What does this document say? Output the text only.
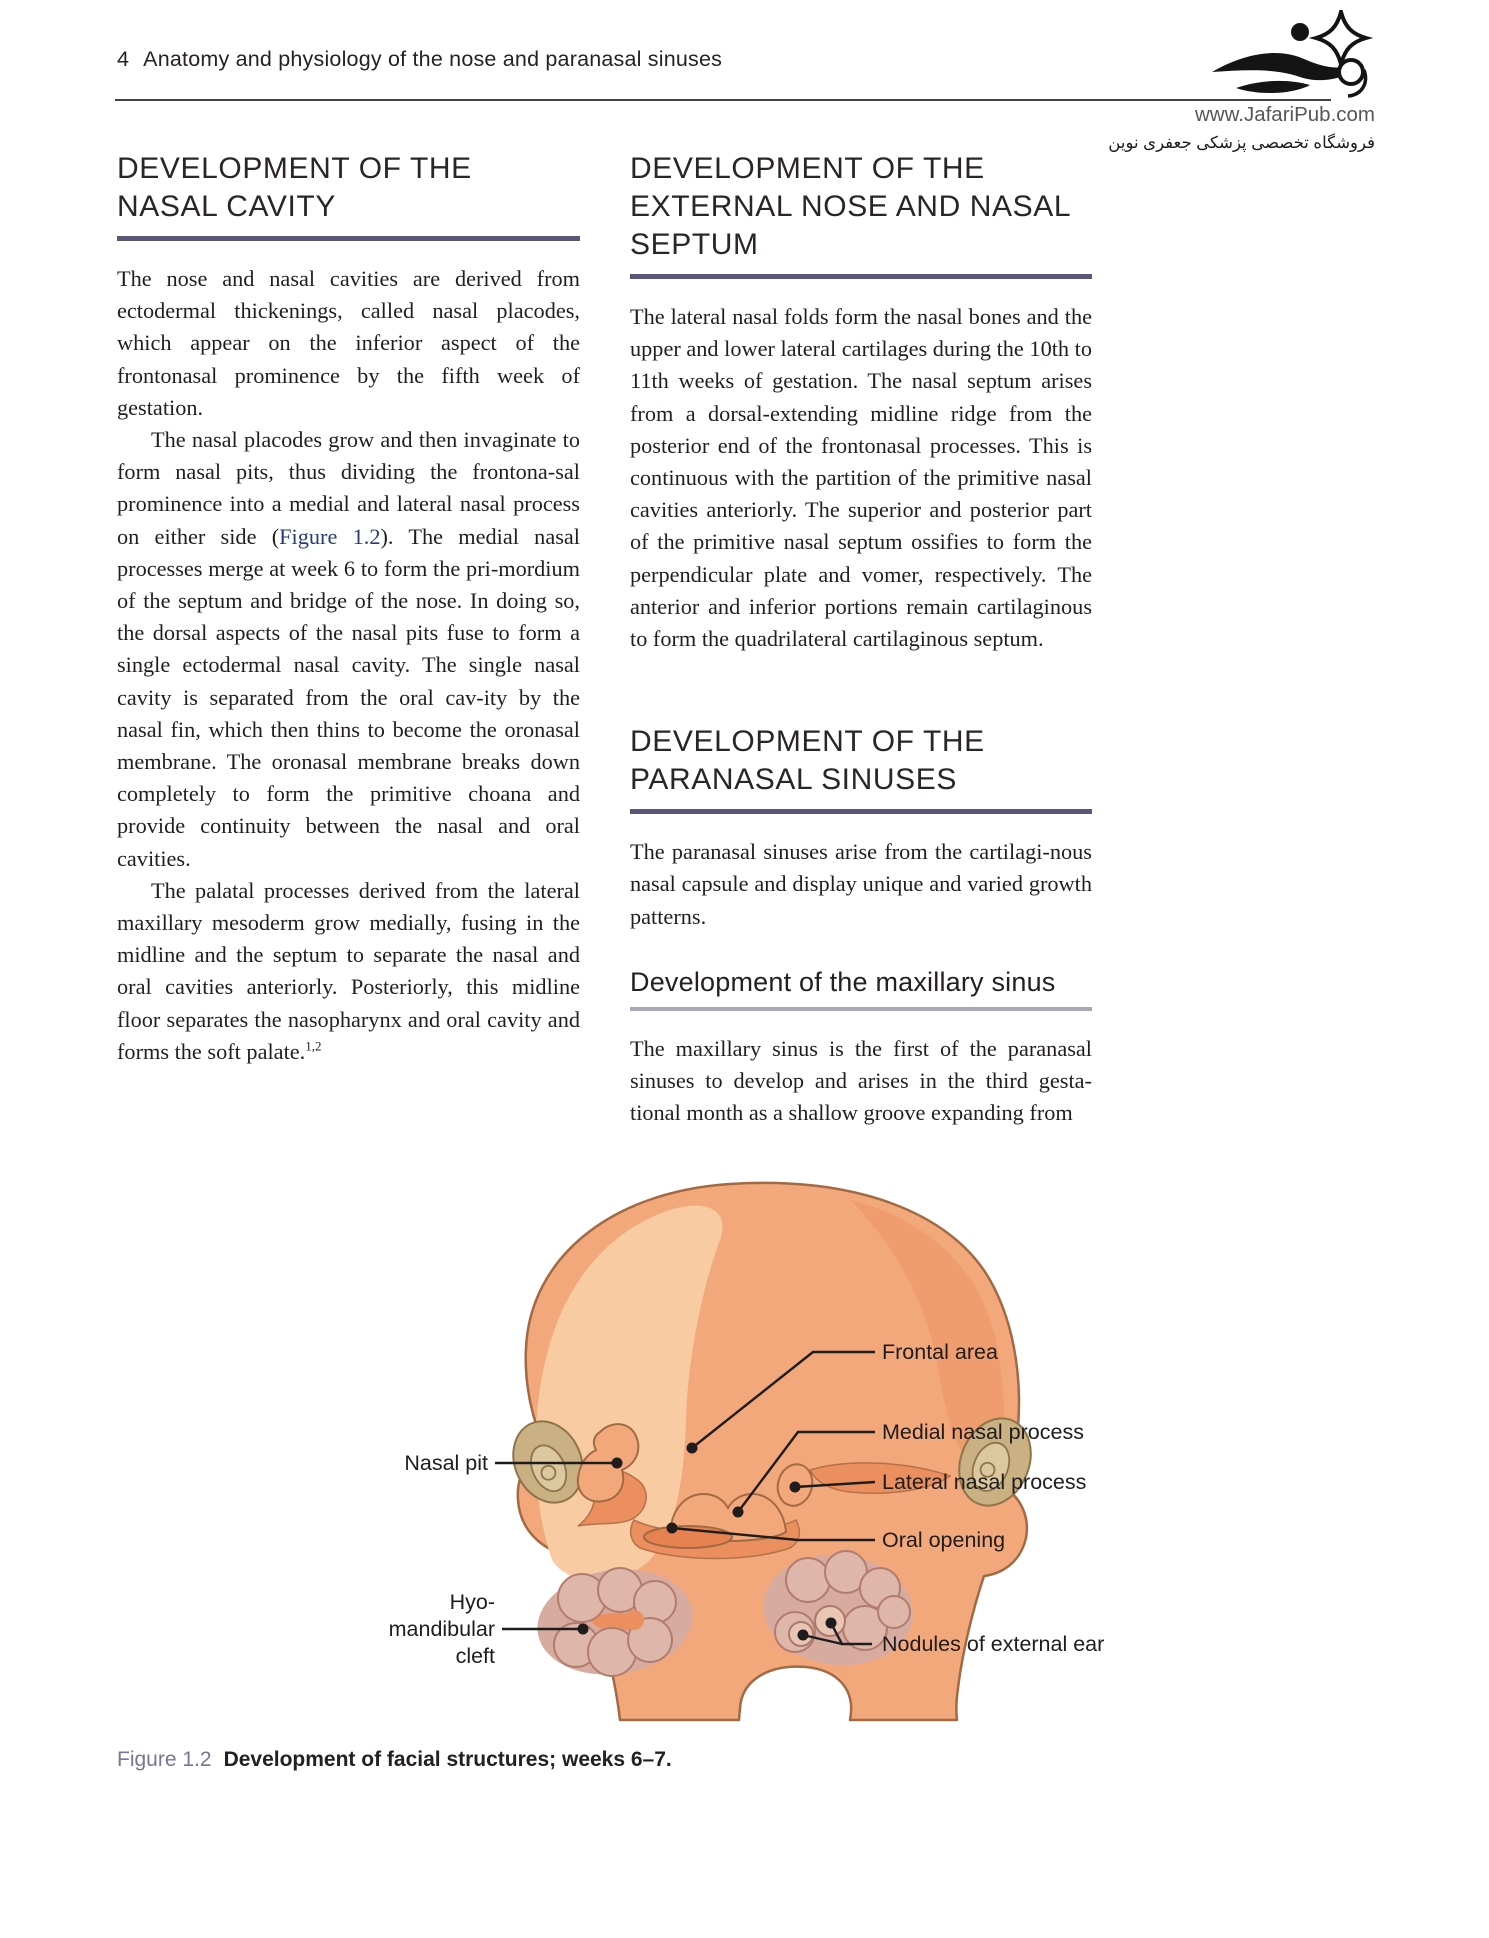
4 Anatomy and physiology of the nose and paranasal sinuses
www.JafariPub.com
فروشگاه تخصصی پزشکی جعفری نوین
DEVELOPMENT OF THE NASAL CAVITY

The nose and nasal cavities are derived from ectodermal thickenings, called nasal placodes, which appear on the inferior aspect of the frontonasal prominence by the fifth week of gestation.

The nasal placodes grow and then invaginate to form nasal pits, thus dividing the frontona-sal prominence into a medial and lateral nasal process on either side (Figure 1.2). The medial nasal processes merge at week 6 to form the pri-mordium of the septum and bridge of the nose. In doing so, the dorsal aspects of the nasal pits fuse to form a single ectodermal nasal cavity. The single nasal cavity is separated from the oral cav-ity by the nasal fin, which then thins to become the oronasal membrane. The oronasal membrane breaks down completely to form the primitive choana and provide continuity between the nasal and oral cavities.

The palatal processes derived from the lateral maxillary mesoderm grow medially, fusing in the midline and the septum to separate the nasal and oral cavities anteriorly. Posteriorly, this midline floor separates the nasopharynx and oral cavity and forms the soft palate.$^{1,2}$

DEVELOPMENT OF THE EXTERNAL NOSE AND NASAL SEPTUM

The lateral nasal folds form the nasal bones and the upper and lower lateral cartilages during the 10th to 11th weeks of gestation. The nasal septum arises from a dorsal-extending midline ridge from the posterior end of the frontonasal processes. This is continuous with the partition of the primitive nasal cavities anteriorly. The superior and posterior part of the primitive nasal septum ossifies to form the perpendicular plate and vomer, respectively. The anterior and inferior portions remain cartilaginous to form the quadrilateral cartilaginous septum.

DEVELOPMENT OF THE PARANASAL SINUSES

The paranasal sinuses arise from the cartilagi-nous nasal capsule and display unique and varied growth patterns.

Development of the maxillary sinus

The maxillary sinus is the first of the paranasal sinuses to develop and arises in the third gesta-tional month as a shallow groove expanding from

Frontal area
Medial nasal process
Lateral nasal process
Oral opening
Nodules of external ear
Nasal pit
Hyo-
mandibular
cleft
Figure 1.2 Development of facial structures; weeks 6–7.
